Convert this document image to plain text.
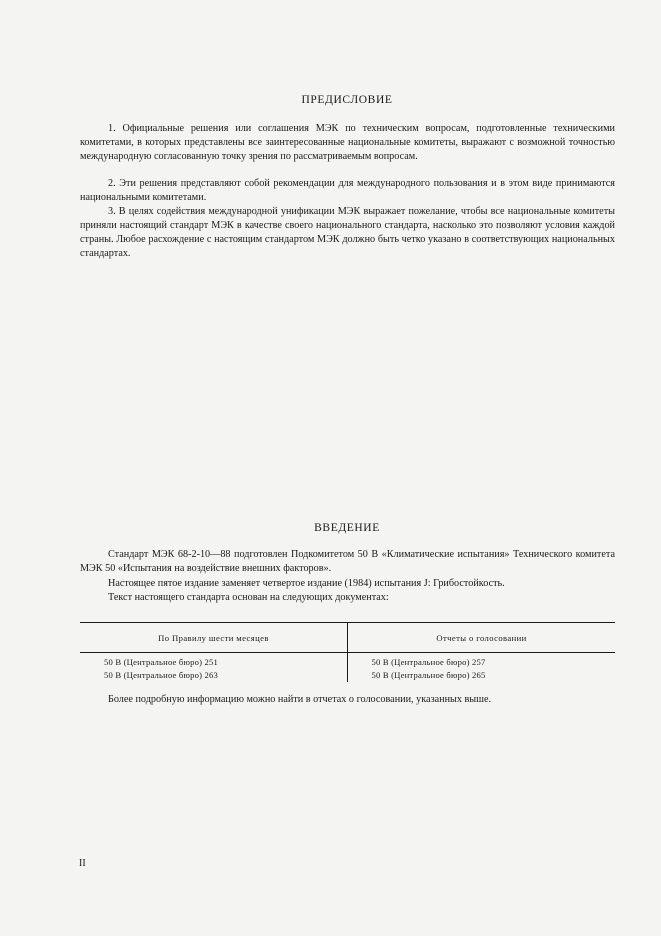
ПРЕДИСЛОВИЕ

1. Официальные решения или соглашения МЭК по техническим вопросам, подготовленные техническими комитетами, в которых представлены все заинтересованные национальные комитеты, выражают с возможной точностью международную согласованную точку зрения по рассматриваемым вопросам.

2. Эти решения представляют собой рекомендации для международного пользования и в этом виде принимаются национальными комитетами.

3. В целях содействия международной унификации МЭК выражает пожелание, чтобы все национальные комитеты приняли настоящий стандарт МЭК в качестве своего национального стандарта, насколько это позволяют условия каждой страны. Любое расхождение с настоящим стандартом МЭК должно быть четко указано в соответствующих национальных стандартах.

ВВЕДЕНИЕ

Стандарт МЭК 68-2-10—88 подготовлен Подкомитетом 50 В «Климатические испытания» Технического комитета МЭК 50 «Испытания на воздействие внешних факторов».

Настоящее пятое издание заменяет четвертое издание (1984) испытания J: Грибостойкость.

Текст настоящего стандарта основан на следующих документах:

По Правилу шести месяцев	Отчеты о голосовании
50 В (Центральное бюро) 251
50 В (Центральное бюро) 263
50 В (Центральное бюро) 257
50 В (Центральное бюро) 265

Более подробную информацию можно найти в отчетах о голосовании, указанных выше.

II
